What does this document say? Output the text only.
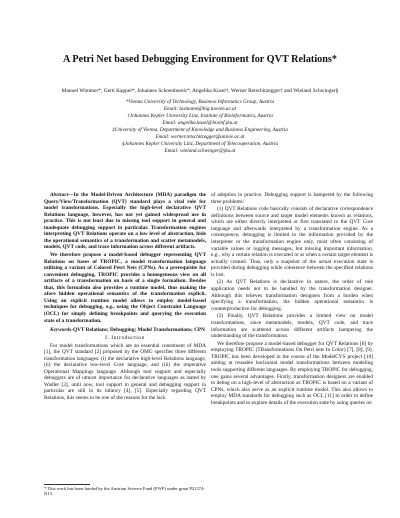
A Petri Net based Debugging Environment for QVT Relations*
Manuel Wimmer*, Gerti Kappel*, Johannes Schoenboeck*, Angelika Kusel†, Werner Retschitzegger† and Wieland Schwinger§
*Vienna University of Technology, Business Informatics Group, Austria
Email: lastname@big.tuwien.ac.at
†Johannes Kepler University Linz, Institute of Bioinformatics, Austria
Email: angelika.kusel@bioinf.jku.at
‡University of Vienna, Department of Knowledge and Business Engineering, Austria
Email: werner.retschitzegger@univie.ac.at
§Johannes Kepler University Linz, Department of Telecooperation, Austria
Email: wieland.schwinger@jku.at

Abstract—In the Model-Driven Architecture (MDA) paradigm the Query/View/Transformation (QVT) standard plays a vital role for model transformations. Especially the high-level declarative QVT Relations language, however, has not yet gained widespread use in practice. This is not least due to missing tool support in general and inadequate debugging support in particular. Transformation engines interpreting QVT Relations operate on a low level of abstraction, hide the operational semantics of a transformation and scatter metamodels, models, QVT code, and trace information across different artifacts.

We therefore propose a model-based debugger representing QVT Relations on bases of TROPIC, a model transformation language utilizing a variant of Colored Petri Nets (CPNs). As a prerequisite for convenient debugging, TROPIC provides a homogeneous view on all artifacts of a transformation on basis of a single formalism. Besides that, this formalism also provides a runtime model, thus making the afore hidden operational semantics of the transformation explicit. Using an explicit runtime model allows to employ model-based techniques for debugging, e.g., using the Object Constraint Language (OCL) for simply defining breakpoints and querying the execution state of a transformation.

Keywords-QVT Relations; Debugging; Model Transformations; CPN

I. Introduction

For model transformations which are an essential constituent of MDA [1], the QVT standard [2] proposed by the OMG specifies three different transformation languages: (i) the declarative high-level Relations language, (ii) the declarative low-level Core language, and (iii) the imperative Operational Mappings language. Although tool support and especially debuggers are of utmost importance for declarative languages as stated by Wadler [3], until now, tool support in general and debugging support in particular are still in its infancy [4], [5]. Especially regarding QVT Relations, this seems to be one of the reasons for the lack

* This work has been funded by the Austrian Science Fund (FWF) under grant P21374-N13.

of adoption in practice. Debugging support is hampered by the following three problems:

(1) QVT Relations code basically consists of declarative correspondence definitions between source and target model elements known as relations, which are either directly interpreted or first translated to the QVT Core language and afterwards interpreted by a transformation engine. As a consequence, debugging is limited to the information provided by the interpreter or the transformation engine only, most often consisting of variable values or logging messages, but missing important information, e.g., why a certain relation is executed or at when a certain target element is actually created. Thus, only a snapshot of the actual execution state is provided during debugging while coherence between the specified relations is lost.

(2) As QVT Relations is declarative in nature, the order of rule application needs not to be handled by the transformation designer. Although this relieves transformation designers from a burden when specifying a transformation, the hidden operational semantics is counterproductive for debugging.

(3) Finally, QVT Relations provides a limited view on model transformations, since metamodels, models, QVT code, and trace information are scattered across different artifacts hampering the understanding of the transformation.

We therefore propose a model-based debugger for QVT Relations [6] by employing TROPIC (TRansformations On Petri nets In Color) [7], [8], [9]. TROPIC has been developed in the course of the ModelCVS project [10] aiming at reusable horizontal model transformations between modeling tools supporting different languages. By employing TROPIC for debugging, one gains several advantages. Firstly, transformation designers are enabled to debug on a high-level of abstraction as TROPIC is based on a variant of CPNs, which also serve as an explicit runtime model. This also allows to employ MDA standards for debugging such as OCL [11] in order to define breakpoints and to explore details of the execution state by using queries on
